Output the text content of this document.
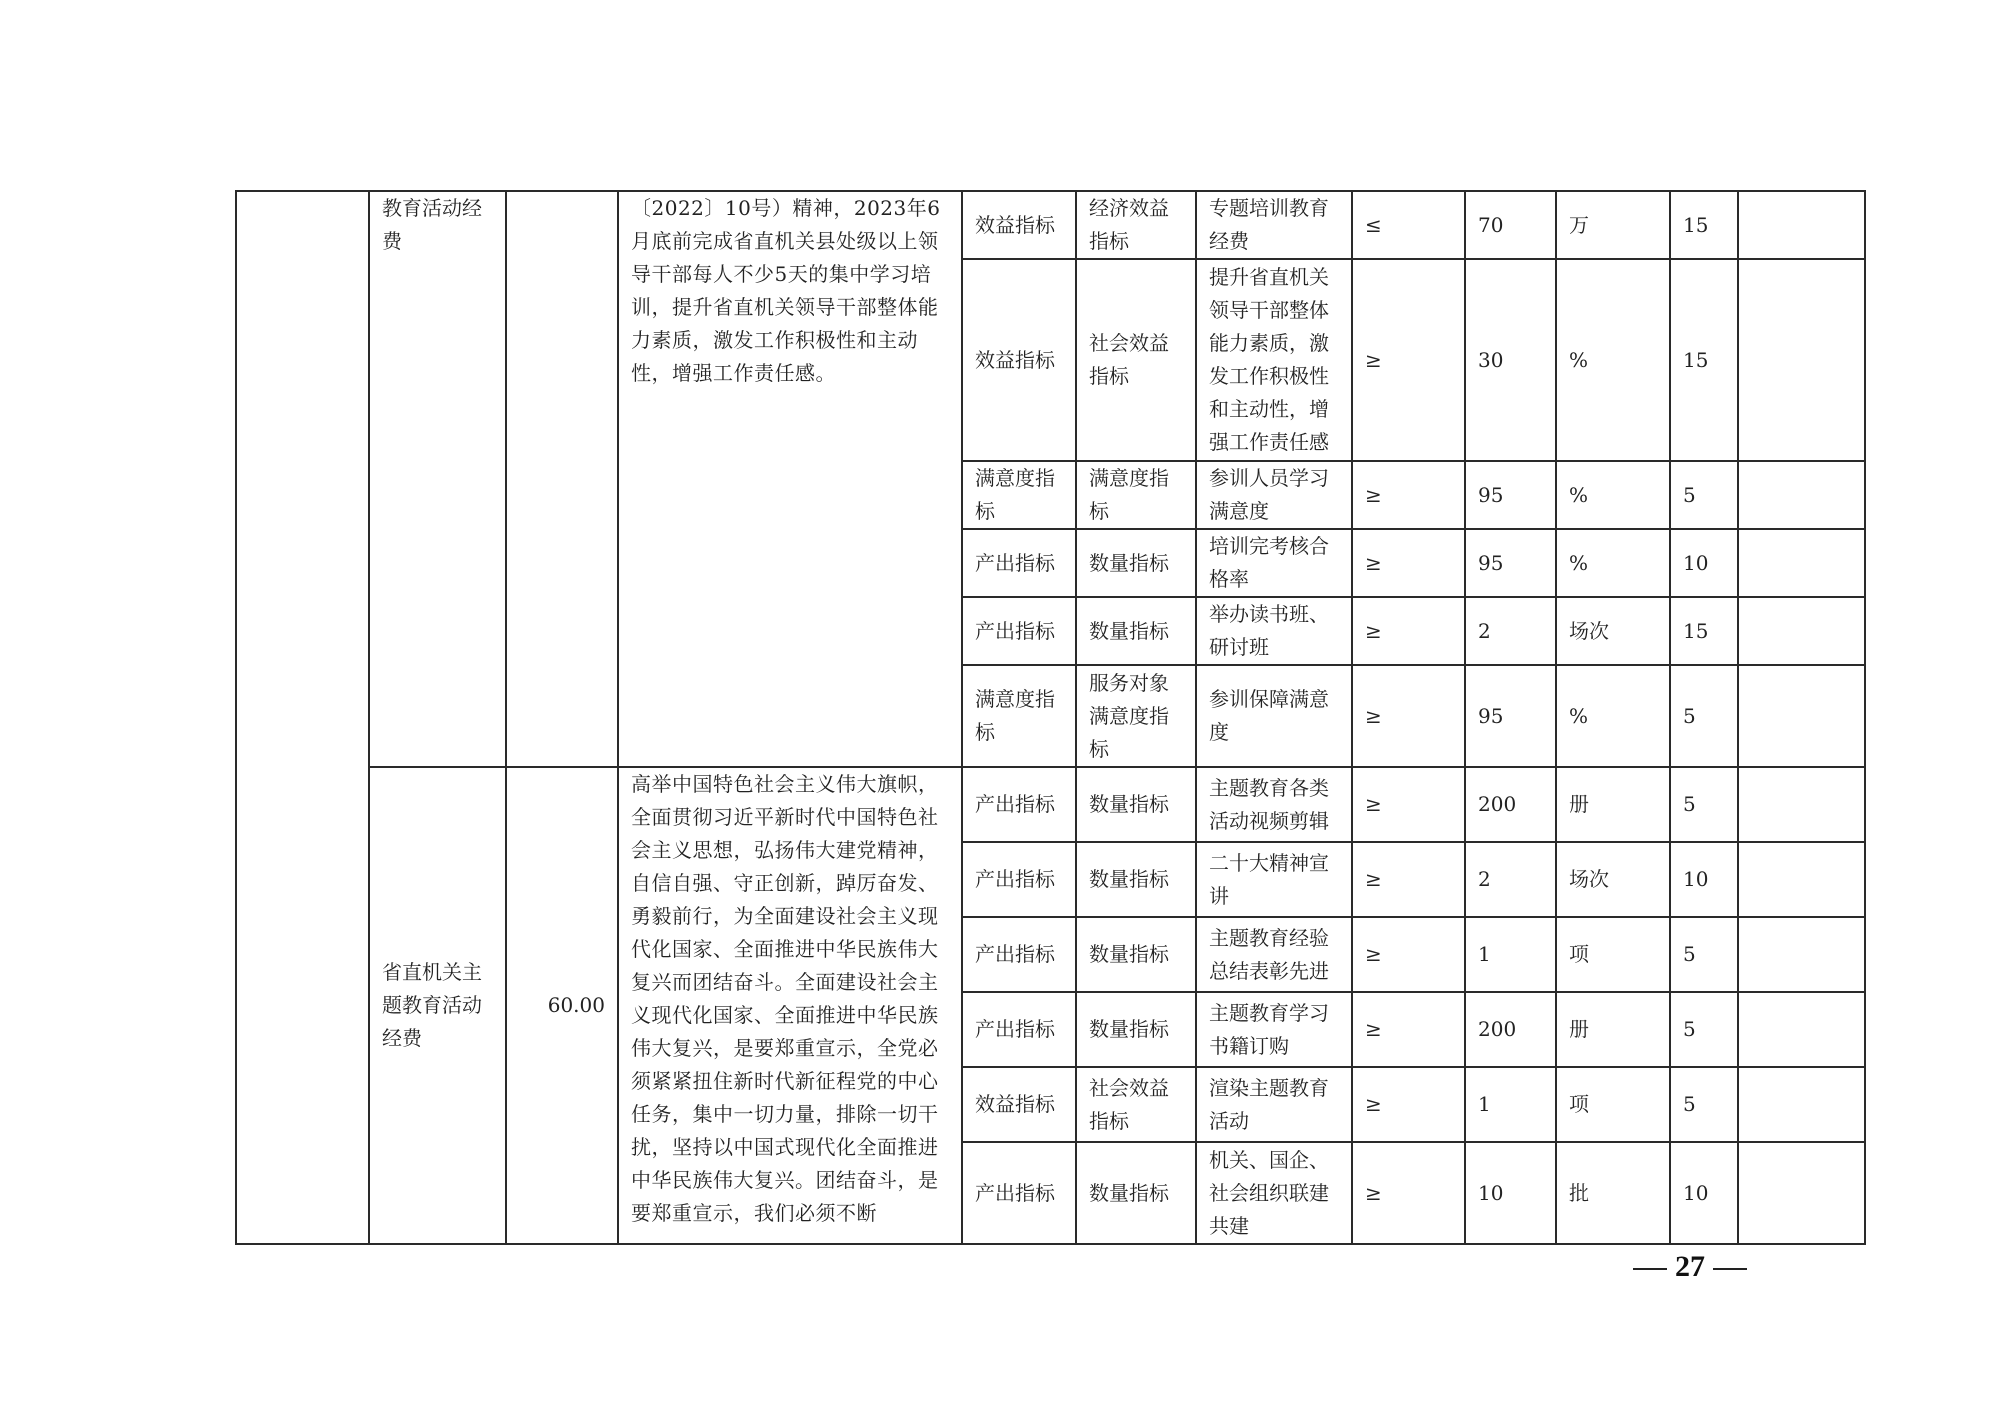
	教育活动经费		〔2022〕10号）精神，2023年6月底前完成省直机关县处级以上领导干部每人不少5天的集中学习培训，提升省直机关领导干部整体能力素质，激发工作积极性和主动性，增强工作责任感。	效益指标	经济效益指标	专题培训教育经费	≤	70	万	15	
				效益指标	社会效益指标	提升省直机关领导干部整体能力素质，激发工作积极性和主动性，增强工作责任感	≥	30	%	15	
				满意度指标	满意度指标	参训人员学习满意度	≥	95	%	5	
				产出指标	数量指标	培训完考核合格率	≥	95	%	10	
				产出指标	数量指标	举办读书班、研讨班	≥	2	场次	15	
				满意度指标	服务对象满意度指标	参训保障满意度	≥	95	%	5	
	省直机关主题教育活动经费	60.00	高举中国特色社会主义伟大旗帜，全面贯彻习近平新时代中国特色社会主义思想，弘扬伟大建党精神，自信自强、守正创新，踔厉奋发、勇毅前行，为全面建设社会主义现代化国家、全面推进中华民族伟大复兴而团结奋斗。全面建设社会主义现代化国家、全面推进中华民族伟大复兴，是要郑重宣示，全党必须紧紧扭住新时代新征程党的中心任务，集中一切力量，排除一切干扰，坚持以中国式现代化全面推进中华民族伟大复兴。团结奋斗，是要郑重宣示，我们必须不断	产出指标	数量指标	主题教育各类活动视频剪辑	≥	200	册	5	
				产出指标	数量指标	二十大精神宣讲	≥	2	场次	10	
				产出指标	数量指标	主题教育经验总结表彰先进	≥	1	项	5	
				产出指标	数量指标	主题教育学习书籍订购	≥	200	册	5	
				效益指标	社会效益指标	渲染主题教育活动	≥	1	项	5	
				产出指标	数量指标	机关、国企、社会组织联建共建	≥	10	批	10	
27
